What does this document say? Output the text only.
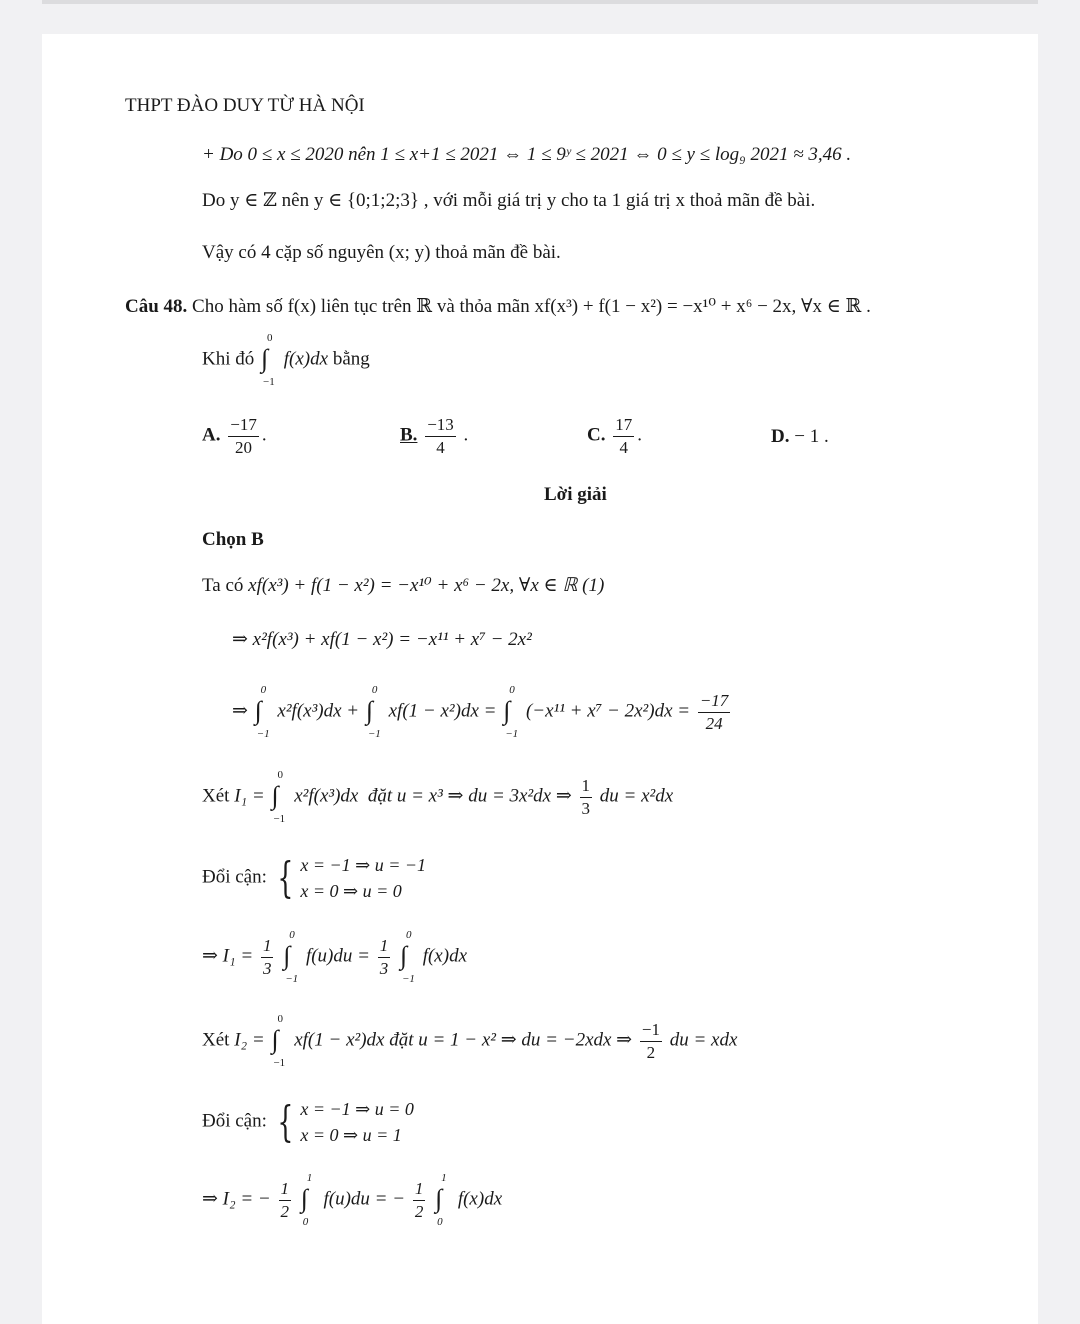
THPT ĐÀO DUY TỪ HÀ NỘI
+ Do 0 ≤ x ≤ 2020 nên 1 ≤ x+1 ≤ 2021 ⇔ 1 ≤ 9ʸ ≤ 2021 ⇔ 0 ≤ y ≤ log₉ 2021 ≈ 3,46 .
Do y ∈ ℤ nên y ∈ {0;1;2;3} , với mỗi giá trị y cho ta 1 giá trị x thoả mãn đề bài.
Vậy có 4 cặp số nguyên (x; y) thoả mãn đề bài.
Câu 48. Cho hàm số f(x) liên tục trên ℝ và thỏa mãn xf(x³) + f(1 − x²) = −x¹⁰ + x⁶ − 2x, ∀x ∈ ℝ .
Khi đó
0
∫
−1
f(x)dx bằng
A. $\frac{-17}{20}$ .	B. $\frac{-13}{4}$ .	C. $\frac{17}{4}$ .	D. − 1 .
Lời giải
Chọn B
Ta có xf(x³) + f(1 − x²) = −x¹⁰ + x⁶ − 2x, ∀x ∈ ℝ (1)
⇒ x²f(x³) + xf(1 − x²) = −x¹¹ + x⁷ − 2x²
⇒
0
∫
−1
x²f(x³)dx +
0
∫
−1
xf(1 − x²)dx =
0
∫
−1
$(-x^{11} + x^7 - 2x^2)dx = \frac{-17}{24}$
Xét I₁ =
0
∫
−1
x²f(x³)dx đặt u = x³ ⇒ du = 3x²dx ⇒ $\frac{1}{3}$ du = x²dx
Đổi cận: { x = −1 ⇒ u = −1
x = 0 ⇒ u = 0
⇒ $I_1 = \frac{1}{3}$

0
∫
−1
$f(u)du = \frac{1}{3}$

0
∫
−1
f(x)dx
Xét I₂ =
0
∫
−1
xf(1 − x²)dx đặt u = 1 − x² ⇒ du = −2xdx ⇒ $\frac{-1}{2}$ du = xdx
Đổi cận: { x = −1 ⇒ u = 0
x = 0 ⇒ u = 1
⇒ I₂ = − $\frac{1}{2}$

1
∫
0
f(u)du = − $\frac{1}{2}$

1
∫
0
f(x)dx
